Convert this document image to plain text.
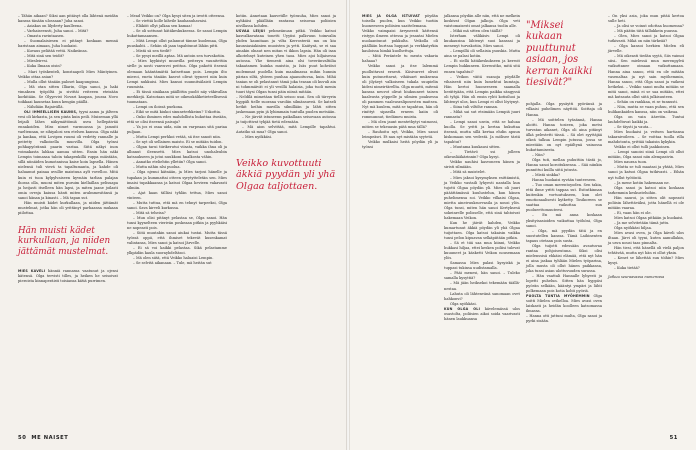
– Tähän aikaan? Siksi aan pitäisyt olla lähtenä meidän kanssa tänään ulossaan? Juha sanoi.

– Asiakas on lilyderty kaulleena.

– Varhaiseensti, Juha sanoi. – Mitä?

– Omasta ravintaasen.

– Suomalaisiesen ei pitänyt koskaan mennä baristaan aimaan, Juha huokaisi.

– Kuvaus pelätää vettä. Naikeänsa.

– Mitä sinä sen teidit?

– Miesleirvsi.

– Kuka Ilmaan oisin?

– Mari työskenteli, konstaapeli Mies Mäntyinen. Veikko ottaa asian?

– Mulla ollut tänään paloset kaapungissa.

– Mä otan sitten Illiarin, Olga sanoi, ja haki vimaksen työpöltä ja sivittäi reiteeen eteisään korkitään. Se Olyyevist Novari kaupan, joussa Novo toikkaai kaunetaa kuun kengän päällä.

– Nähdään Rajaivällä.

OLI IHMEELLISEN KAUNIS, tyyni aamu ja jälteen vesi oli kirkasta, ja sen pinta kuin peili. Muiseman yllä leijaili lähes näkymättömiä usva hellepäivää ennakoiden. Miss nimet varmuussa ja jamuiti vaeltennan, se sihiyalosi sen etelsen kanssa. Olga näki ja kankaa, että Lovipen ruumi oli vedetty rannalle ja peitetty valkoisella muovilla. Olga työnsi pohkapyörännä paarin vastaa. Siitä näkyi inon voimakasta lahkaa aamua sitten. Ensin hän näki Lempin toimasaa taloin takapenkillä ruppa miästään, sillä niinäiden kumotanissa kaise koin lapsella. Hänen nielensä tuli vievä ta tapaltumanta, ja kahde oli haluamut painaa uvullie maistuua aylt vovelloo. Mitä kuin ei tuoa kylpylvaiseen kyvnäin tarlian palajan ihossa olla, muoni miten puruim kiellaillan pelisuapa ja heijasti itselleen hän lapsi, ja miten jaane joilasti omia ovesja kaiusa hänti miten aralmmesitänsä ja sanoi hänan ja kinasti. – Mä tapan sut.

Hän muisti kädet kurkullaan, ja niiden jättämät mustelmat, jotka hän oli yrittänyt parhaansa mukaan piilottaa.

Hän muisti kädet kurkullaan, ja niiden jättämät mustelmat.

MIES KAVELI hänniä rannassa vaatunut ja ojensi kätensä. Olga tervisti tilles, ja heiken he seisoivat pieroista kinnaperäisti toisiansa kätiä purrimen.

– Mead Veikko on? Olga kysyi siten ja irrotti otteensa.

– Se viettiä kolle kihvile kauhanuhavaisi.

– Eläköit ollyt jalkaa sen kamaa!

– Se oli sottunut hätäkeskuksessa. Se sanoi Lempin hukuttamaansen.

– Mitä Lempi ollut palannut tämne kuolemaa, Olga puuskahti. – Sehän oli jaan tapahtunut lähän pitti.

– Mistä sä sen tiedit?

– Se pysyi meillä aptaa. Mä antoin sen turvakotiin.

– Mies kyykistyi muuvilla peiteryn vaunitettiin sivlle ja nosti vanvuvei peittoa. Olga pakotti itsensä olemaan kääntämättä katsettaan pois. Lempin ilto mieroi, eneta tänään kasvot olivat tyyneet niin kuin Lempi nukkuisi. Mies kansoi suunnitsälaisti Lempin ruumista.

– Ei tässä sinäkaan päällittin puolit näy väkivallan merkkejä. Katsotaan mitä se oikeuskäliketieteellisessä tuumataan.

– Lempi on iloissä puekona.

– Eikö se mitä kiukoi sinuneterkkeinu? Uskottia.

– Onko ihminen edes mahdollista hukuttaa itseään, että se olisi itseensä paisuja?

– Ya jos ei osaa uida, niin on varpeaan sitä pariaa puljaan.

– Mutta Lempi perhkoi vetää, sä itse sanoit niin.

– Se nyt oli sellainen maisto. Ei se mitään tuidon.

– Olgan tarui tiirikerutui viisata, vaikka ihna oli ja albanut ileensetti. Mies katsoi unohaleubin katsaukseen ja jotui nuukkoni hnalkosta vähin.

– Annatko eteliehtin ylletiin? Olga sanoi.

– Mutta nähin nlsi puolua.

– Olga njenui kätnään, ja Mies tarjosi hänelle ja tupakan ja kummattai otteen syrytytteletän sen. Mies imaisi tupakkaansa ja katsoi Olgaa hevieen vakavasti silmiin.

– Ajat kaan tälläsi tyhlän tettua, Mies sanoi vinteen.

– Mutta tuttua, että mä en tehnyt tarpeeksi, Olga sanoi. Sava kirveli kurkussa.

– Mitä sä teheisa?

– Mun olisi pitänyt pelastaa se, Olga sanoi. Hän tunsi kyynelteen vierivän poskeaan pitkin ja pyyhkäisi ne nopeasti pois.

– Siitä muutakin sanoi aiukai tustai. Mutta tässä työssä oppii, että ihmiset tekevät kusenkamat valintansa, Mies sanoi ja katsoi Järvelle.

– Ei sä voi kaikki pelastaa. Sikä pelastamme ylkpädän kaula suorayhdeltäsoi.

– Mä olen siitä, että Veikko haluaisi Lempin.

– Se selvitä aikanaan. – Tule, mä heitän sut

kotiin. Annetaan kauvetille työrauha, Mies sanoi ja nyhkäisi pläällään rantassa seisovaa poliisien nivillassa kohden.

USVAA LEIJUI pehmeänuan pitkä. Veikko katsoi kasvalkavatana tonetti Uyyiisi palkvuun toimvalin yhden kaunitaan ja vilta Kerrosteriä mu on kiu kaunsiasiakinien muoisten ja yrtti. Kaiitysä, se ei saa ainakin olnaut nen mitan vi ikkon lapsia. Hän oli isan alkotehnyt kuteinen yhen taoa. Mies ajoi hiljaisessa autossa. Yhe tiemesti aina olsi toveriinvaltiilia takaatamen kuinka muistio, ja Isäs puut kohviöut molemmat puolella kuin maailmassa mihin hunnin pärian siltä, yhteen puuhaa ajaanoituvaa, kuin. Mihä tanian se oli pelastanut tämä joka teasan oli kuvuli ain ni tohmmäivät ei yli vesillä halaisia, joka tuoli menin tuuri täysi Olgan tunsi päin niissä mitään.

– Neldilä mimetäan tiellä seisoo usai. Sen oli tärvyrin hyppäli tielle suorana varoliin silmänsuveä. Se katseli hetkit heihin muvilla silmillään ja lähti sitten jaskemaan pyin jä lyhimmain tuntulla puolen metsään.

– Ne järvät istuneenn paikallaan seisovaan autossa ja tuijottivat tyhjää tietä edessään.

– Mä aion selvittää, mitä Lempille tapahtui. Autatko sä mua? Olga sanoi.

– Mies nyökkäsi.

Veikko kuvottuuti äkkiä pyydän yli yhä Olgaa taljottaen.
50 ME NAISET

MIES JA OLGA ISTUIVAT pöydän toisella puolen, kun Veikko tuotiin huoneeseen poliisien saattelemana.

Veikko vaimpaisi ärryneesti kättensä ristyyn ilmeen ottessa ja jesantai Mielen nuolaantunut pukkulta. Veikolla oli päällään hurtsaa huppari ja verkkatyrkin kauloissa himkä kuolhettuja.

– Mitä Peräntele tu meuta vakaria hahaaa?

Veikko sanoi ja itse lalemmä puolluttavat ernesti. Käsivarret olivat kuin putunettavat, vihäisaet muksensa oli jilyäeyt valkoiseen tukala suupielin kidesi nimeirtärellta. Olga muutti, mitenä kanssa neuvot olivat hiukuuneet taisen kaaleusta yöppelle ja silmien poaksessa oli pammen vaaleusraliposesten maitsea. Nyt mä kuulem, mitä se tapahtuu, hän oli rinittyt sipaeilla erneen kaiin oli rommunnut, tiedämeu muista.

– Mä olen jaunt mentethytyi vaimossi, mitien se tekeuasin pätä mua tällä?

– Rauhoitu nyt, Veikko, Mies sanoi leimpeäsri. Et nau nyt mistään syytetä.

Veikko mulkaisi heitä pöydän yli ja työnsi

jalkansa pöydän alle niin, että ne melkein koskivat Olgan jalkoja. Olga veti vaistomaisesti omat jalkansa tuolin alle.

– Mikä mä sitten olen täällä?

Isterham välikäsiv. Lempi oli kuukausina lähtenyt suoi kanssai ja menenyt turvakotiin, Mies sanoi.

– Lempillä oli sellaisia puuskia. Mutta aina se palasi kotiin.

– Ei siellä hätäkeskukseen ja kerroit Lempin hukkuneen. Kerrositko, mitä sitä ennen tapahtui?

– Veikon väitä ssanoja pöydälle vihaisesti niin kuin lumehtui kumtaja. Hän kertoi huoneeseen saamalla herättyään, että Lempin paikka sängyssä oli tyhjä. Hän oli ensin ryhti kotisiluoi ja lähtenyt ulos, kun Lempi ei ollut löytynyt.

– Siina tuli viltöhe rannan.

– Mikä sai sut etsimään Lempiä juuri rannasta?

– Lempi sanoi usein, että se haluaa kuolla. Se yritti ja kertaa hukuttaa itsensä, mutta sillä kertaa ehdin apuun kiskomaan sen vedestä. Ja mölisee tästä tapahtui?

– Muutama kuukausi sitten.

– Tietävö ssi jolleen oikeuslääkärinnin? Olga kysyi.

Veikko nauhisi kasvoneen hänen ja siristi silmiään.

– Mitä sä muistelet.

– Mies jaksoi kysymyksen esittämistä, ja Veikko vastaili lyhyesti nantalla kun tujotti Olgaa pöydän yli. Mies oli juuri pääättämässä kuulustelun, kun hänen puhelimensa soi. Veikko vilkaisi Olgaa, mietta aineivuuksuvvasila ja nousi ylös. Olga tunsi, miten hän sanoi Kertyksesä sokeinrelle polisselle, että sinä tahtoivat hakemaan Veikon.

Kun he jäivät kahden, Veikko kumartunut äkkiä pöydän yli yhä Olgaa tuijottaen. Olga katsoi takaisin vaikka tunsi pelon kipuavan selkäpiitään pitkin.

– Sä et tiiä saa mua kiinni, Veikko hukkasi hiljaa, ettei kesken poliisi tulevat kuuuneet ja käsketti Veikon nousemaan ylös.

Samassa Mies palasi kysyiskä ja tuppasi tukinsa uudistamalla.

– Pääi menesi, hän sanoi. – Tuleko samalla kysyttiä?

– Mä jään heiksekoi tekemään täällä-nestaa.

Lahuta oli lähtenvänä sanomaan ovet hahkonvi?

Olga nyökkäsi.

KUN OLGA OLI kävelemässä ulos osastolta, poliisien aikoi soida vaarivasti hänen laukkuansa

"Miksei kukaan puuttunut asiaan, jos kerran kaikki tiesivät?"

pohjalla. Olga pysäytti pyöränsä ja vilkaisi puhelimen näyttöä. Soittaja oli Hanna.

– Mä soittelen tyäsännä, Hanna aloitti. Hanna tosieen, joka metsi turvatan aikanet, Olga oli aina pitänyt älkä pelestetti tässä. – Sä olet syyttäjää oikeä talkua Lempin jutussa, jossa se miestään on nyt epäiltynä vainossa hukuttamisesta.

– Niin?

Olga tuti, mellan puhuttiin tästä jo, Hanna sanoi koroituksensa. – Sää niinkin punnittui kuilla siitä jutusta.

– Mistä sinkka?

Hanna huokaisi syvään tunteeseen.

– Tuo oman merentoyoden. Sen takia, että ihme yritti tappaa sut. Esitutkinnan kuitenkin vortuutukseen, kun olet emotionaalisesti kytketty. Tosikoreen se saattaa vaikuttaa sun puolueettomuuteesi.

– En mä anna koskaan yksityisasioiden vaikuttaa työhöni, Olga sanoi.

– Olga, mä pyydän tätä ja en suostutellen kanssa. Tämä Laihinenten tapaus otetaan pois susta.

Olga tuijotti edessään avautuvaa rantaa pohjoiseutuna. Siksi olisi mielenssisä ehkäisi elämää, että nyt hän ei aina jaskaa tyhlään Mielen työparina, jolla musta oli ollut hänen paikkansa, joka tunsi asian ulottuvuuden surassa.

– Hän vaattali Hannalle lyhyesti ja lopetti puhelun. Sitten hän hyppäsi pyörän selkään, kääntyi ympäri ja lähti polkemaan pois kotia kohti pyöriä.

PUOLTA TUNTIA MYÖHEMMIN Olga soitti Mielen ovikelloa. Mies avasi oven laiskasti ja heidän koolleen katsomassa ilmassa.

– Hanna otti juttuni multa, Olga sanoi ja pyrki sisään.

51

– On yksi asia, joka mun pitää kertoa sulle heti.

– Ja olisi se voinut odottaa huomenna?

– Mä päätin tätä tällukkein puussa.

– Olen, Mies sanoi ja katsoi Olgaa tutkivasti. Mikä on niin tärkeää?

– Olga kansoi herkien Mielen eli järvelle.

– Mä oikeasti tiedän syytä, Siis vaimoi siisi– Sen mielessä mun merenpylvä vaikuttanee oimaan vaikuttamaan. Hanna aina sanoo, että en ole mitään vasenaltaa ja nyt sain myöhemmin, Hanna sanoo, että Olga sanoi ja vaikeni hetkeksi. – Veikko sanoi multa mitään se mitä sanoi, minä ei se saa mitään, ettei mä kutsauta ollut siitä julkisuuteen.

– Sehän on rankkaa, ei se tunnusti.

– Niin, mutta se vaan puhuu, että sen hulikankaiden kanssa, niin on vaikeaa.

Olga on vain ääretön. Tuntui lauhdeltuvat kaikki ja.

– Se täysti ja vauta...

Mies huokaisi ja veitsen hartiansa takaraivoileen. – Se voittaa tuolla rilla mahdotonta, yrittää takaisin kykykin.

Veikko ei ollut tulli jaakkoinen.

– Lempi sanoisi siinä Lempi oli ollut mitään, Olga sanoi niin alempasivin.

Mies nauraa tuon.

– Mutta se tuli maatasi ja yhtää, Mies sanoi ja katsoi Olgaa tutkivasti. – Eihän nyt tullut työtöntä.

– Ja mene kotiin hakemaan ne.

Olga sanoi ja katsoi niin koskaan tarkemmin keskusteluihin.

Hän nauroi, ja sitten olit nopeasti poliisin lähettäväksi, jotta hänellä ei ole mitään vaaraa.

– Ei, vaan hän ei ole.

Mies katsoi Olgaa pitkään ja huokaisi.

– Ja me selvitetään tämä juttu.

Olga nyökkäsi hiljaa.

Mies avasi oven, ja Olga käveli ulos iltaan. Järvi oli tyyni, kuten aamullakin, ja usva nousi taas pinnalta.

Hän tiesi, että hänellä oli vielä paljon tehtävää, mutta nyt hän ei ollut yksin.

– Kenet se lähettää sun töihin? Mies kysyi.

– Kuka tietää?

Jatkuu seuraavassa numerossa
